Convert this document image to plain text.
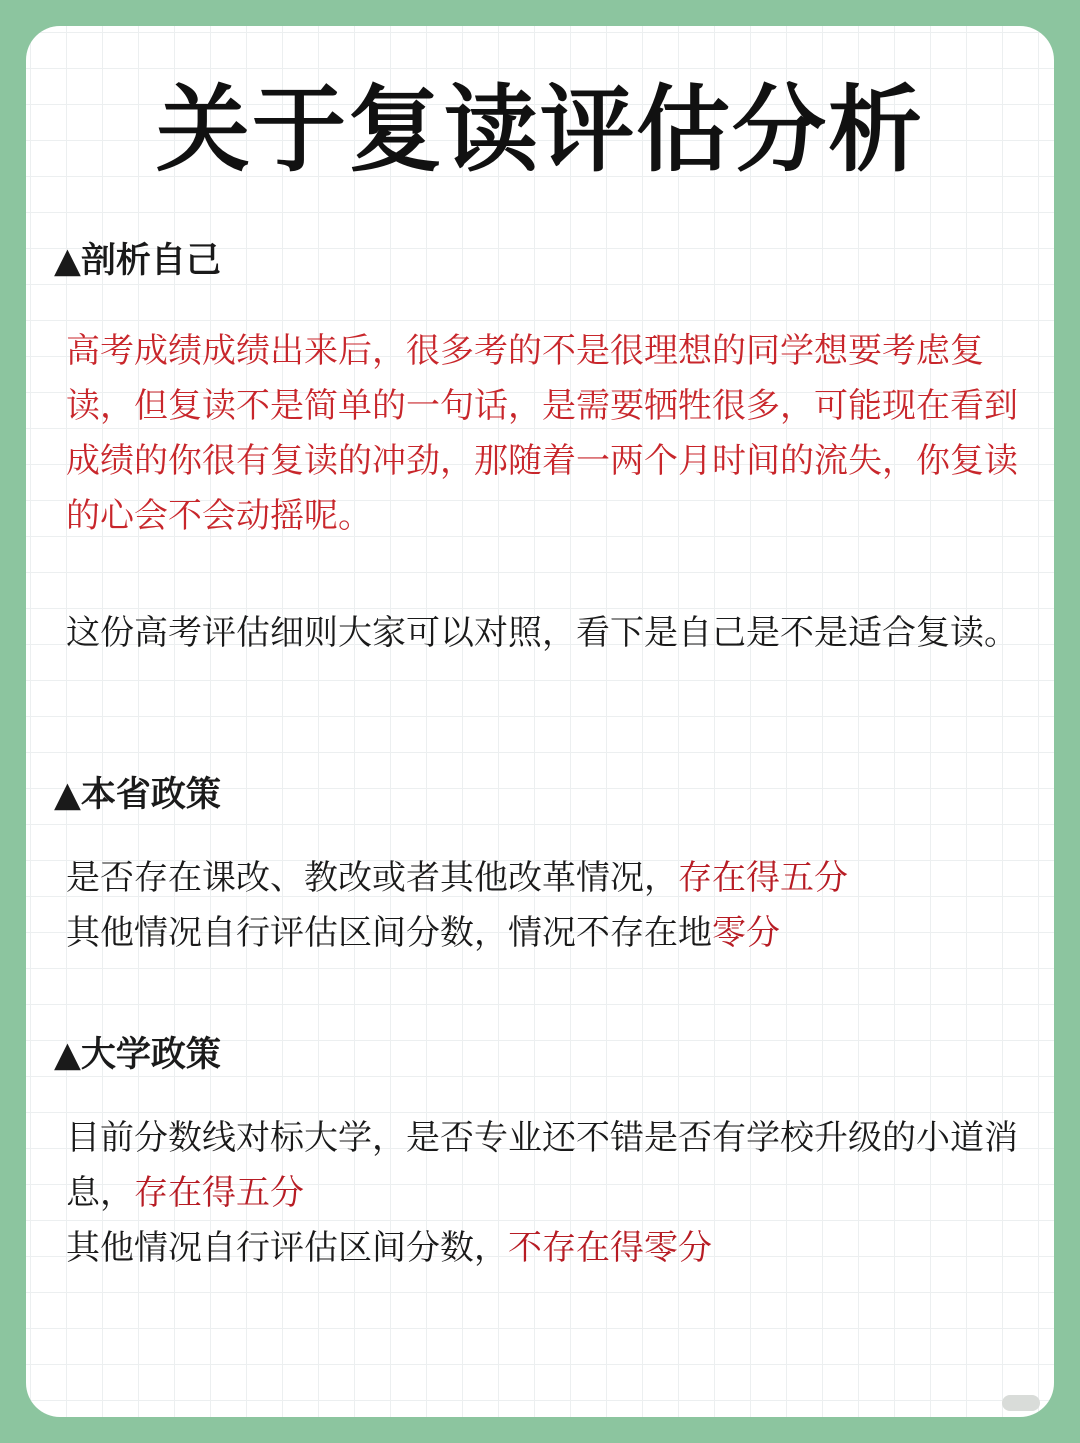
关于复读评估分析
▲剖析自己
高考成绩成绩出来后，很多考的不是很理想的同学想要考虑复读，但复读不是简单的一句话，是需要牺牲很多，可能现在看到成绩的你很有复读的冲劲，那随着一两个月时间的流失，你复读的心会不会动摇呢。
这份高考评估细则大家可以对照，看下是自己是不是适合复读。
▲本省政策
是否存在课改、教改或者其他改革情况，存在得五分
其他情况自行评估区间分数，情况不存在地零分
▲大学政策
目前分数线对标大学，是否专业还不错是否有学校升级的小道消息，存在得五分
其他情况自行评估区间分数，不存在得零分
